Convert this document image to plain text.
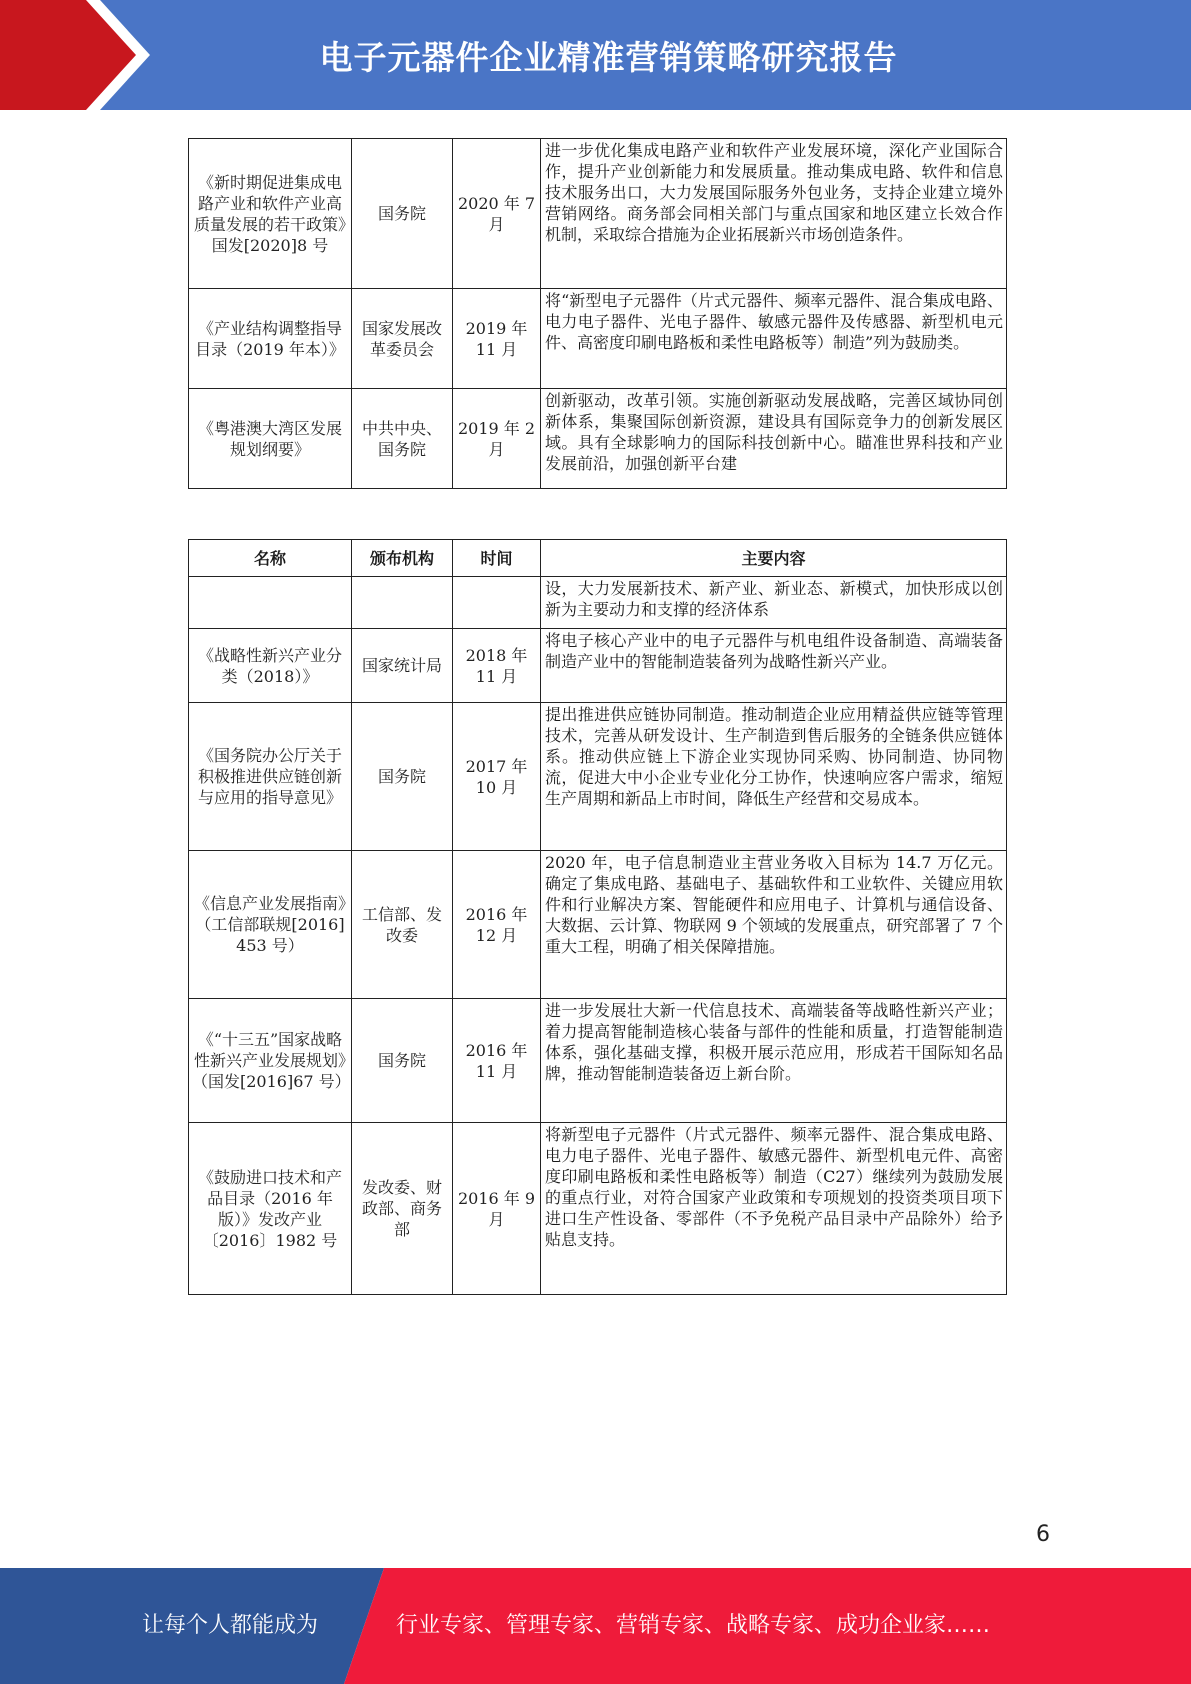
电子元器件企业精准营销策略研究报告
《新时期促进集成电路产业和软件产业高质量发展的若干政策》国发[2020]8 号	国务院	2020 年 7 月	进一步优化集成电路产业和软件产业发展环境，深化产业国际合作，提升产业创新能力和发展质量。推动集成电路、软件和信息技术服务出口，大力发展国际服务外包业务，支持企业建立境外营销网络。商务部会同相关部门与重点国家和地区建立长效合作机制，采取综合措施为企业拓展新兴市场创造条件。
《产业结构调整指导目录（2019 年本）》	国家发展改革委员会	2019 年 11 月	将“新型电子元器件（片式元器件、频率元器件、混合集成电路、电力电子器件、光电子器件、敏感元器件及传感器、新型机电元件、高密度印刷电路板和柔性电路板等）制造”列为鼓励类。
《粤港澳大湾区发展规划纲要》	中共中央、国务院	2019 年 2 月	创新驱动，改革引领。实施创新驱动发展战略，完善区域协同创新体系，集聚国际创新资源，建设具有国际竞争力的创新发展区域。具有全球影响力的国际科技创新中心。瞄准世界科技和产业发展前沿，加强创新平台建
名称	颁布机构	时间	主要内容
			设，大力发展新技术、新产业、新业态、新模式，加快形成以创新为主要动力和支撑的经济体系
《战略性新兴产业分类（2018）》	国家统计局	2018 年 11 月	将电子核心产业中的电子元器件与机电组件设备制造、高端装备制造产业中的智能制造装备列为战略性新兴产业。
《国务院办公厅关于积极推进供应链创新与应用的指导意见》	国务院	2017 年 10 月	提出推进供应链协同制造。推动制造企业应用精益供应链等管理技术，完善从研发设计、生产制造到售后服务的全链条供应链体系。推动供应链上下游企业实现协同采购、协同制造、协同物流，促进大中小企业专业化分工协作，快速响应客户需求，缩短生产周期和新品上市时间，降低生产经营和交易成本。
《信息产业发展指南》（工信部联规[2016] 453 号）	工信部、发改委	2016 年 12 月	2020 年，电子信息制造业主营业务收入目标为 14.7 万亿元。确定了集成电路、基础电子、基础软件和工业软件、关键应用软件和行业解决方案、智能硬件和应用电子、计算机与通信设备、大数据、云计算、物联网 9 个领域的发展重点，研究部署了 7 个重大工程，明确了相关保障措施。
《“十三五”国家战略性新兴产业发展规划》（国发[2016]67 号）	国务院	2016 年 11 月	进一步发展壮大新一代信息技术、高端装备等战略性新兴产业；着力提高智能制造核心装备与部件的性能和质量，打造智能制造体系，强化基础支撑，积极开展示范应用，形成若干国际知名品牌，推动智能制造装备迈上新台阶。
《鼓励进口技术和产品目录（2016 年版）》发改产业〔2016〕1982 号	发改委、财政部、商务部	2016 年 9 月	将新型电子元器件（片式元器件、频率元器件、混合集成电路、电力电子器件、光电子器件、敏感元器件、新型机电元件、高密度印刷电路板和柔性电路板等）制造（C27）继续列为鼓励发展的重点行业，对符合国家产业政策和专项规划的投资类项目项下进口生产性设备、零部件（不予免税产品目录中产品除外）给予贴息支持。
6
让每个人都能成为	行业专家、管理专家、营销专家、战略专家、成功企业家……
